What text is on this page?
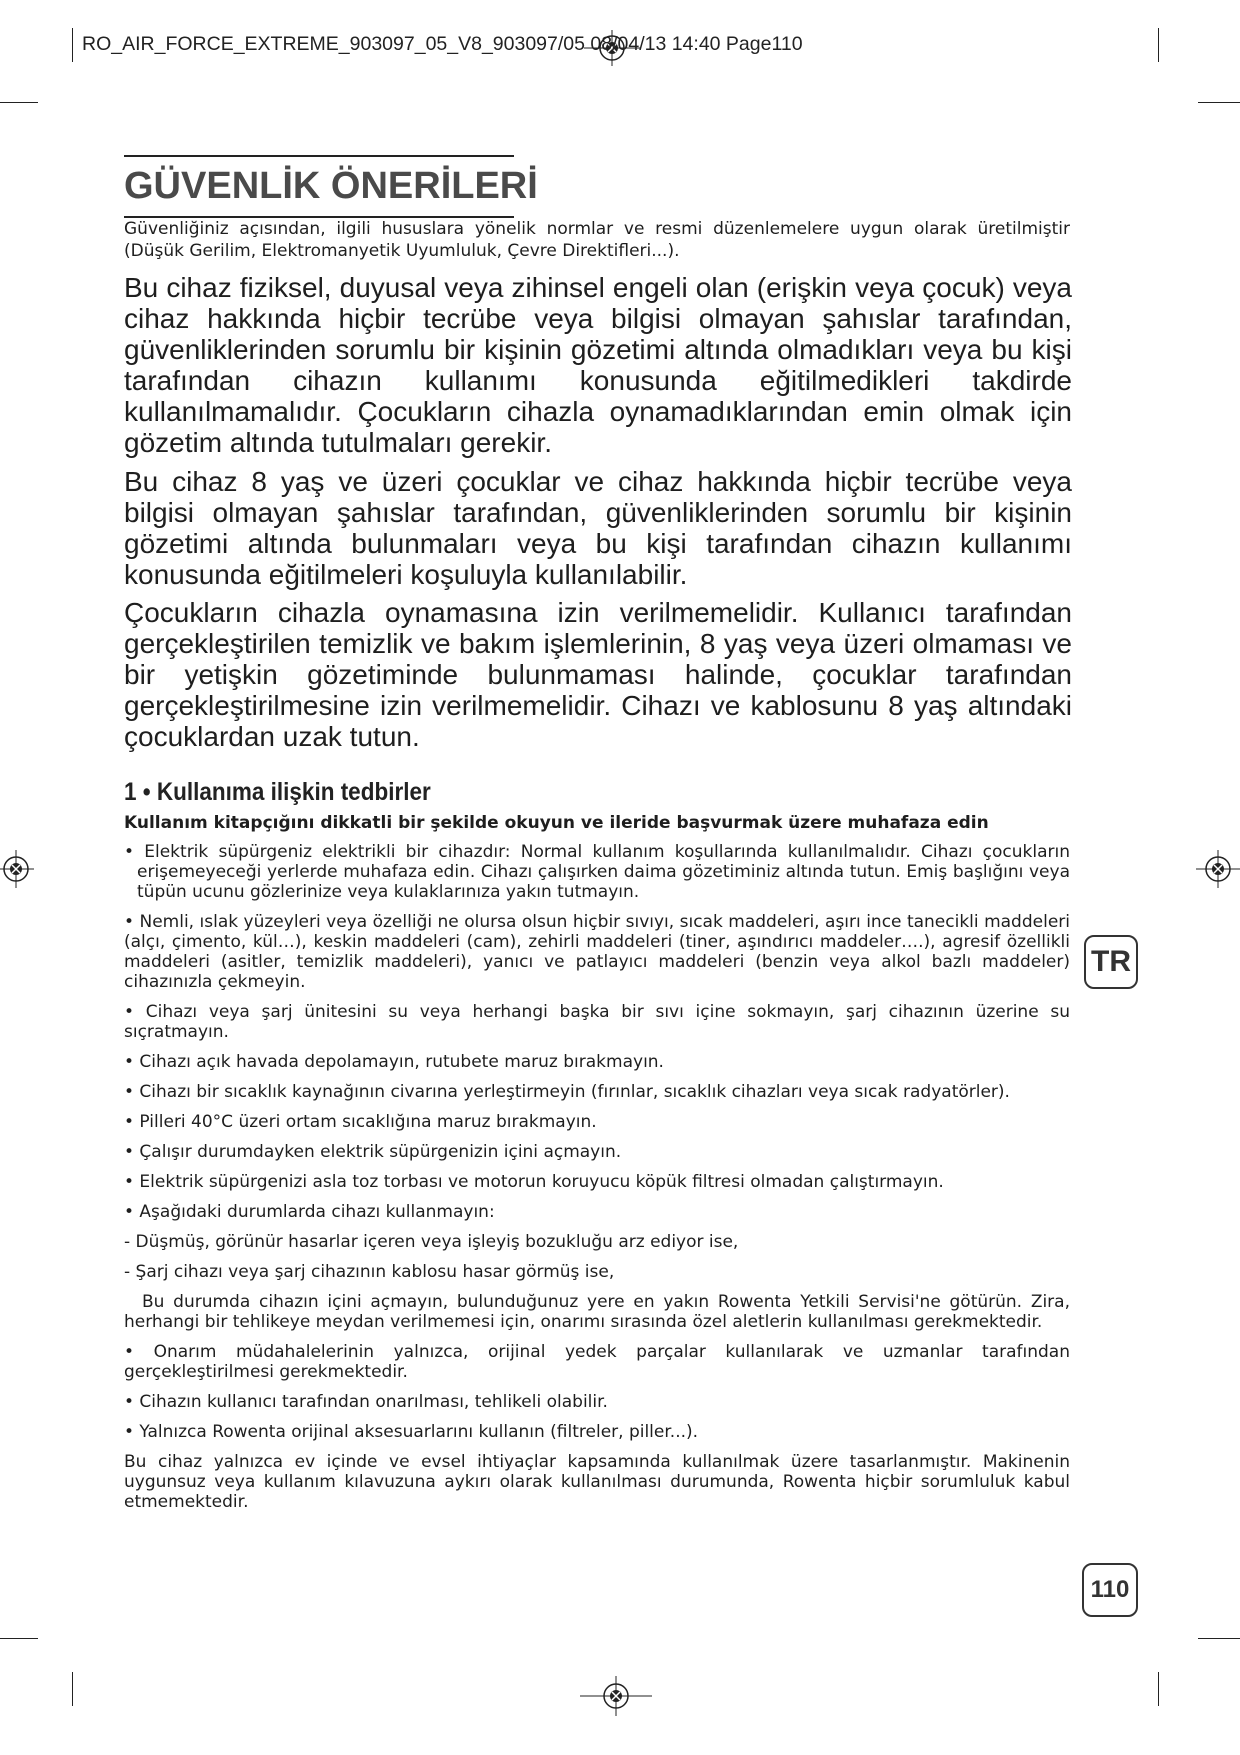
RO_AIR_FORCE_EXTREME_903097_05_V8_903097/05 08/04/13 14:40 Page110
GÜVENLİK ÖNERİLERİ
Güvenliğiniz açısından, ilgili hususlara yönelik normlar ve resmi düzenlemelere uygun olarak üretilmiştir (Düşük Gerilim, Elektromanyetik Uyumluluk, Çevre Direktifleri...).
Bu cihaz fiziksel, duyusal veya zihinsel engeli olan (erişkin veya çocuk) veya cihaz hakkında hiçbir tecrübe veya bilgisi olmayan şahıslar tarafından, güvenliklerinden sorumlu bir kişinin gözetimi altında olmadıkları veya bu kişi tarafından cihazın kullanımı konusunda eğitilmedikleri takdirde kullanılmamalıdır. Çocukların cihazla oynamadıklarından emin olmak için gözetim altında tutulmaları gerekir.
Bu cihaz 8 yaş ve üzeri çocuklar ve cihaz hakkında hiçbir tecrübe veya bilgisi olmayan şahıslar tarafından, güvenliklerinden sorumlu bir kişinin gözetimi altında bulunmaları veya bu kişi tarafından cihazın kullanımı konusunda eğitilmeleri koşuluyla kullanılabilir.
Çocukların cihazla oynamasına izin verilmemelidir. Kullanıcı tarafından gerçekleştirilen temizlik ve bakım işlemlerinin, 8 yaş veya üzeri olmaması ve bir yetişkin gözetiminde bulunmaması halinde, çocuklar tarafından gerçekleştirilmesine izin verilmemelidir. Cihazı ve kablosunu 8 yaş altındaki çocuklardan uzak tutun.
1 • Kullanıma ilişkin tedbirler
Kullanım kitapçığını dikkatli bir şekilde okuyun ve ileride başvurmak üzere muhafaza edin

• Elektrik süpürgeniz elektrikli bir cihazdır: Normal kullanım koşullarında kullanılmalıdır. Cihazı çocukların erişemeyeceği yerlerde muhafaza edin. Cihazı çalışırken daima gözetiminiz altında tutun. Emiş başlığını veya tüpün ucunu gözlerinize veya kulaklarınıza yakın tutmayın.

• Nemli, ıslak yüzeyleri veya özelliği ne olursa olsun hiçbir sıvıyı, sıcak maddeleri, aşırı ince tanecikli maddeleri (alçı, çimento, kül…), keskin maddeleri (cam), zehirli maddeleri (tiner, aşındırıcı maddeler….), agresif özellikli maddeleri (asitler, temizlik maddeleri), yanıcı ve patlayıcı maddeleri (benzin veya alkol bazlı maddeler) cihazınızla çekmeyin.

• Cihazı veya şarj ünitesini su veya herhangi başka bir sıvı içine sokmayın, şarj cihazının üzerine su sıçratmayın.

• Cihazı açık havada depolamayın, rutubete maruz bırakmayın.

• Cihazı bir sıcaklık kaynağının civarına yerleştirmeyin (fırınlar, sıcaklık cihazları veya sıcak radyatörler).

• Pilleri 40°C üzeri ortam sıcaklığına maruz bırakmayın.

• Çalışır durumdayken elektrik süpürgenizin içini açmayın.

• Elektrik süpürgenizi asla toz torbası ve motorun koruyucu köpük filtresi olmadan çalıştırmayın.

• Aşağıdaki durumlarda cihazı kullanmayın:

- Düşmüş, görünür hasarlar içeren veya işleyiş bozukluğu arz ediyor ise,

- Şarj cihazı veya şarj cihazının kablosu hasar görmüş ise,

Bu durumda cihazın içini açmayın, bulunduğunuz yere en yakın Rowenta Yetkili Servisi'ne götürün. Zira, herhangi bir tehlikeye meydan verilmemesi için, onarımı sırasında özel aletlerin kullanılması gerekmektedir.

• Onarım müdahalelerinin yalnızca, orijinal yedek parçalar kullanılarak ve uzmanlar tarafından gerçekleştirilmesi gerekmektedir.

• Cihazın kullanıcı tarafından onarılması, tehlikeli olabilir.

• Yalnızca Rowenta orijinal aksesuarlarını kullanın (filtreler, piller...).

Bu cihaz yalnızca ev içinde ve evsel ihtiyaçlar kapsamında kullanılmak üzere tasarlanmıştır. Makinenin uygunsuz veya kullanım kılavuzuna aykırı olarak kullanılması durumunda, Rowenta hiçbir sorumluluk kabul etmemektedir.

TR
110
